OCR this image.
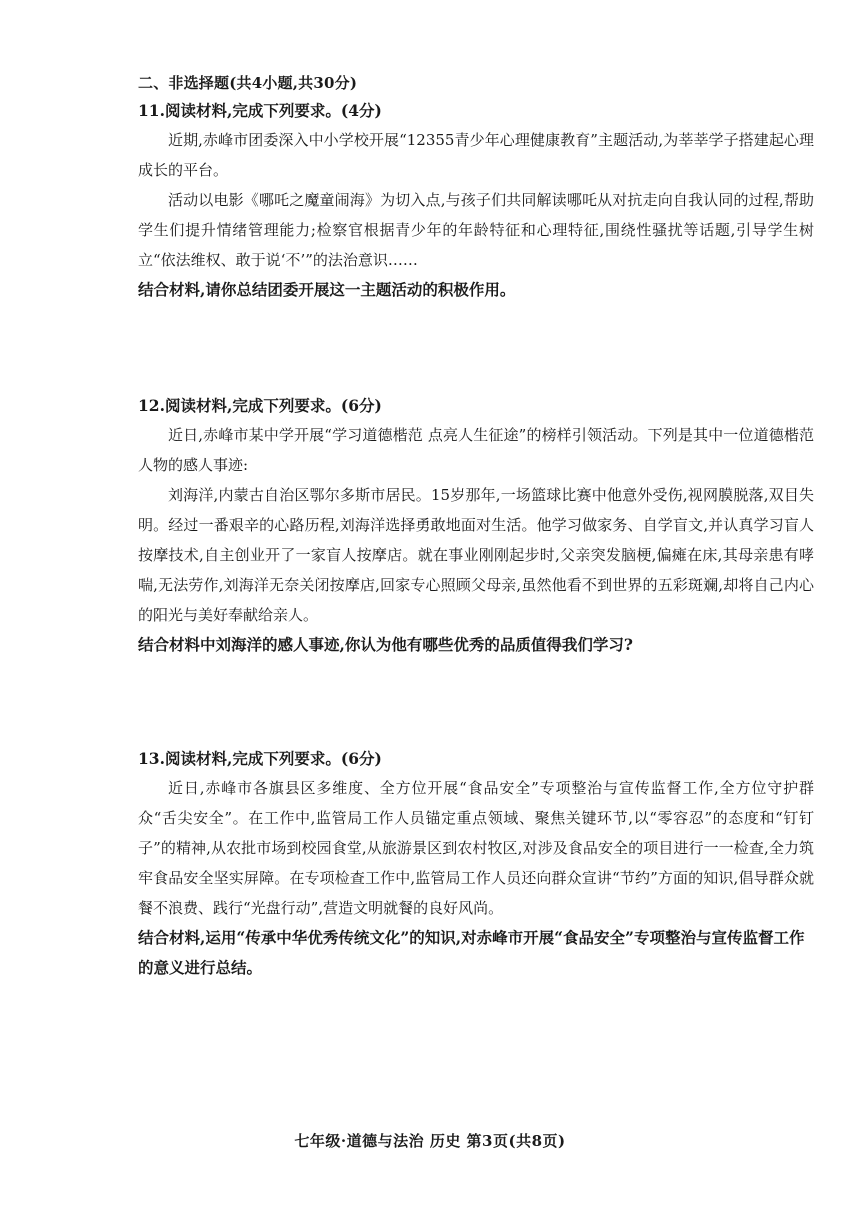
二、非选择题(共4小题,共30分)

11.阅读材料,完成下列要求。(4分)

近期,赤峰市团委深入中小学校开展“12355青少年心理健康教育”主题活动,为莘莘学子搭建起心理成长的平台。

活动以电影《哪吒之魔童闹海》为切入点,与孩子们共同解读哪吒从对抗走向自我认同的过程,帮助学生们提升情绪管理能力;检察官根据青少年的年龄特征和心理特征,围绕性骚扰等话题,引导学生树立“依法维权、敢于说‘不’”的法治意识……

结合材料,请你总结团委开展这一主题活动的积极作用。

12.阅读材料,完成下列要求。(6分)

近日,赤峰市某中学开展“学习道德楷范 点亮人生征途”的榜样引领活动。下列是其中一位道德楷范人物的感人事迹:

刘海洋,内蒙古自治区鄂尔多斯市居民。15岁那年,一场篮球比赛中他意外受伤,视网膜脱落,双目失明。经过一番艰辛的心路历程,刘海洋选择勇敢地面对生活。他学习做家务、自学盲文,并认真学习盲人按摩技术,自主创业开了一家盲人按摩店。就在事业刚刚起步时,父亲突发脑梗,偏瘫在床,其母亲患有哮喘,无法劳作,刘海洋无奈关闭按摩店,回家专心照顾父母亲,虽然他看不到世界的五彩斑斓,却将自己内心的阳光与美好奉献给亲人。

结合材料中刘海洋的感人事迹,你认为他有哪些优秀的品质值得我们学习?

13.阅读材料,完成下列要求。(6分)

近日,赤峰市各旗县区多维度、全方位开展“食品安全”专项整治与宣传监督工作,全方位守护群众“舌尖安全”。在工作中,监管局工作人员锚定重点领域、聚焦关键环节,以“零容忍”的态度和“钉钉子”的精神,从农批市场到校园食堂,从旅游景区到农村牧区,对涉及食品安全的项目进行一一检查,全力筑牢食品安全坚实屏障。在专项检查工作中,监管局工作人员还向群众宣讲“节约”方面的知识,倡导群众就餐不浪费、践行“光盘行动”,营造文明就餐的良好风尚。

结合材料,运用“传承中华优秀传统文化”的知识,对赤峰市开展“食品安全”专项整治与宣传监督工作的意义进行总结。

七年级·道德与法治 历史 第3页(共8页)
